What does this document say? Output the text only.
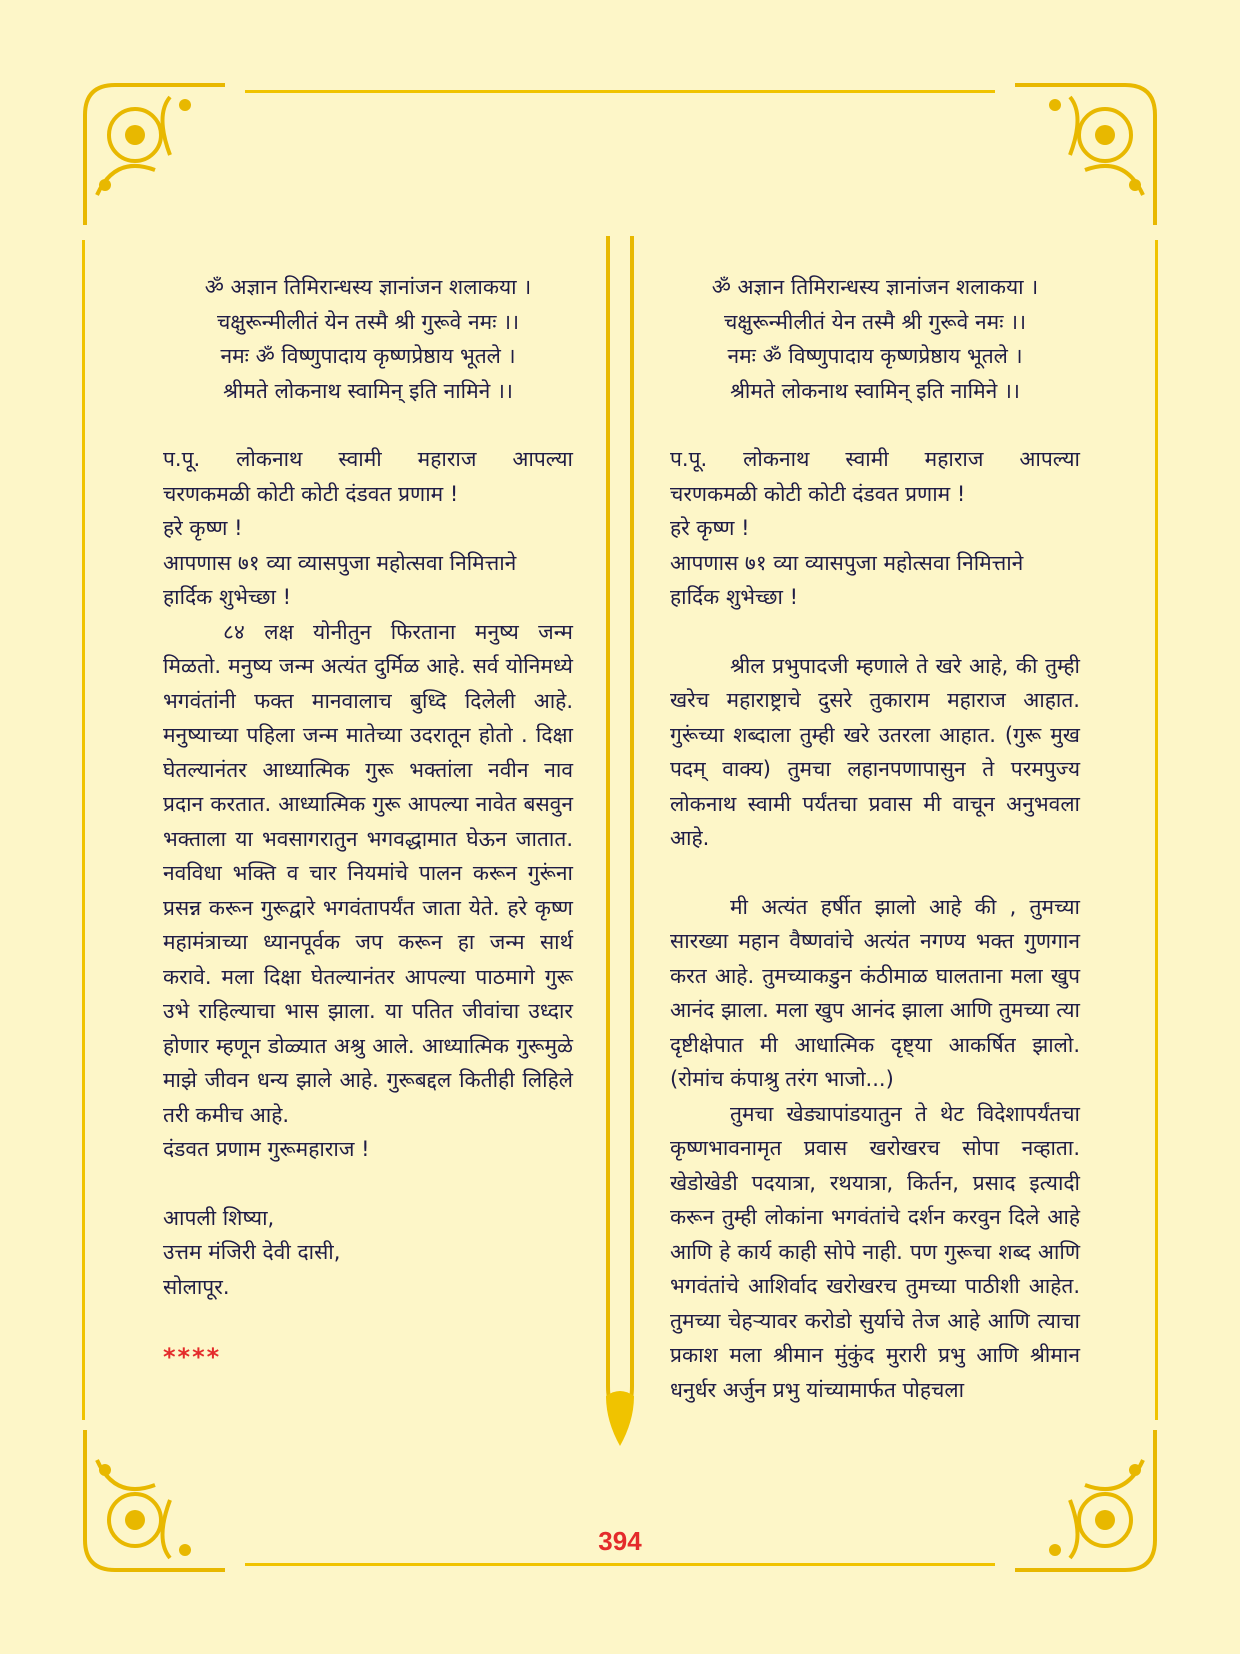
ॐ अज्ञान तिमिरान्धस्य ज्ञानांजन शलाकया ।

चक्षुरून्मीलीतं येन तस्मै श्री गुरूवे नमः ।।

नमः ॐ विष्णुपादाय कृष्णप्रेष्ठाय भूतले ।

श्रीमते लोकनाथ स्वामिन् इति नामिने ।।

प.पू. लोकनाथ स्वामी महाराज आपल्या

चरणकमळी कोटी कोटी दंडवत प्रणाम !

हरे कृष्ण !

आपणास ७१ व्या व्यासपुजा महोत्सवा निमित्ताने

हार्दिक शुभेच्छा !

८४ लक्ष योनीतुन फिरताना मनुष्य जन्म मिळतो. मनुष्य जन्म अत्यंत दुर्मिळ आहे. सर्व योनिमध्ये भगवंतांनी फक्त मानवालाच बुध्दि दिलेली आहे. मनुष्याच्या पहिला जन्म मातेच्या उदरातून होतो . दिक्षा घेतल्यानंतर आध्यात्मिक गुरू भक्तांला नवीन नाव प्रदान करतात. आध्यात्मिक गुरू आपल्या नावेत बसवुन भक्ताला या भवसागरातुन भगवद्धामात घेऊन जातात. नवविधा भक्ति व चार नियमांचे पालन करून गुरूंना प्रसन्न करून गुरूद्वारे भगवंतापर्यंत जाता येते. हरे कृष्ण महामंत्राच्या ध्यानपूर्वक जप करून हा जन्म सार्थ करावे. मला दिक्षा घेतल्यानंतर आपल्या पाठमागे गुरू उभे राहिल्याचा भास झाला. या पतित जीवांचा उध्दार होणार म्हणून डोळ्यात अश्रु आले. आध्यात्मिक गुरूमुळे माझे जीवन धन्य झाले आहे. गुरूबद्दल कितीही लिहिले तरी कमीच आहे.

दंडवत प्रणाम गुरूमहाराज !

आपली शिष्या,

उत्तम मंजिरी देवी दासी,

सोलापूर.

****

ॐ अज्ञान तिमिरान्धस्य ज्ञानांजन शलाकया ।

चक्षुरून्मीलीतं येन तस्मै श्री गुरूवे नमः ।।

नमः ॐ विष्णुपादाय कृष्णप्रेष्ठाय भूतले ।

श्रीमते लोकनाथ स्वामिन् इति नामिने ।।

प.पू. लोकनाथ स्वामी महाराज आपल्या

चरणकमळी कोटी कोटी दंडवत प्रणाम !

हरे कृष्ण !

आपणास ७१ व्या व्यासपुजा महोत्सवा निमित्ताने

हार्दिक शुभेच्छा !

श्रील प्रभुपादजी म्हणाले ते खरे आहे, की तुम्ही खरेच महाराष्ट्राचे दुसरे तुकाराम महाराज आहात. गुरूंच्या शब्दाला तुम्ही खरे उतरला आहात. (गुरू मुख पदम् वाक्य) तुमचा लहानपणापासुन ते परमपुज्य लोकनाथ स्वामी पर्यंतचा प्रवास मी वाचून अनुभवला आहे.

मी अत्यंत हर्षीत झालो आहे की , तुमच्या सारख्या महान वैष्णवांचे अत्यंत नगण्य भक्त गुणगान करत आहे. तुमच्याकडुन कंठीमाळ घालताना मला खुप आनंद झाला. मला खुप आनंद झाला आणि तुमच्या त्या दृष्टीक्षेपात मी आधात्मिक दृष्ट्या आकर्षित झालो. (रोमांच कंपाश्रु तरंग भाजो...)

तुमचा खेड्यापांडयातुन ते थेट विदेशापर्यंतचा कृष्णभावनामृत प्रवास खरोखरच सोपा नव्हाता. खेडोखेडी पदयात्रा, रथयात्रा, किर्तन, प्रसाद इत्यादी करून तुम्ही लोकांना भगवंतांचे दर्शन करवुन दिले आहे आणि हे कार्य काही सोपे नाही. पण गुरूचा शब्द आणि भगवंतांचे आशिर्वाद खरोखरच तुमच्या पाठीशी आहेत. तुमच्या चेहऱ्यावर करोडो सुर्याचे तेज आहे आणि त्याचा प्रकाश मला श्रीमान मुंकुंद मुरारी प्रभु आणि श्रीमान धनुर्धर अर्जुन प्रभु यांच्यामार्फत पोहचला

394
